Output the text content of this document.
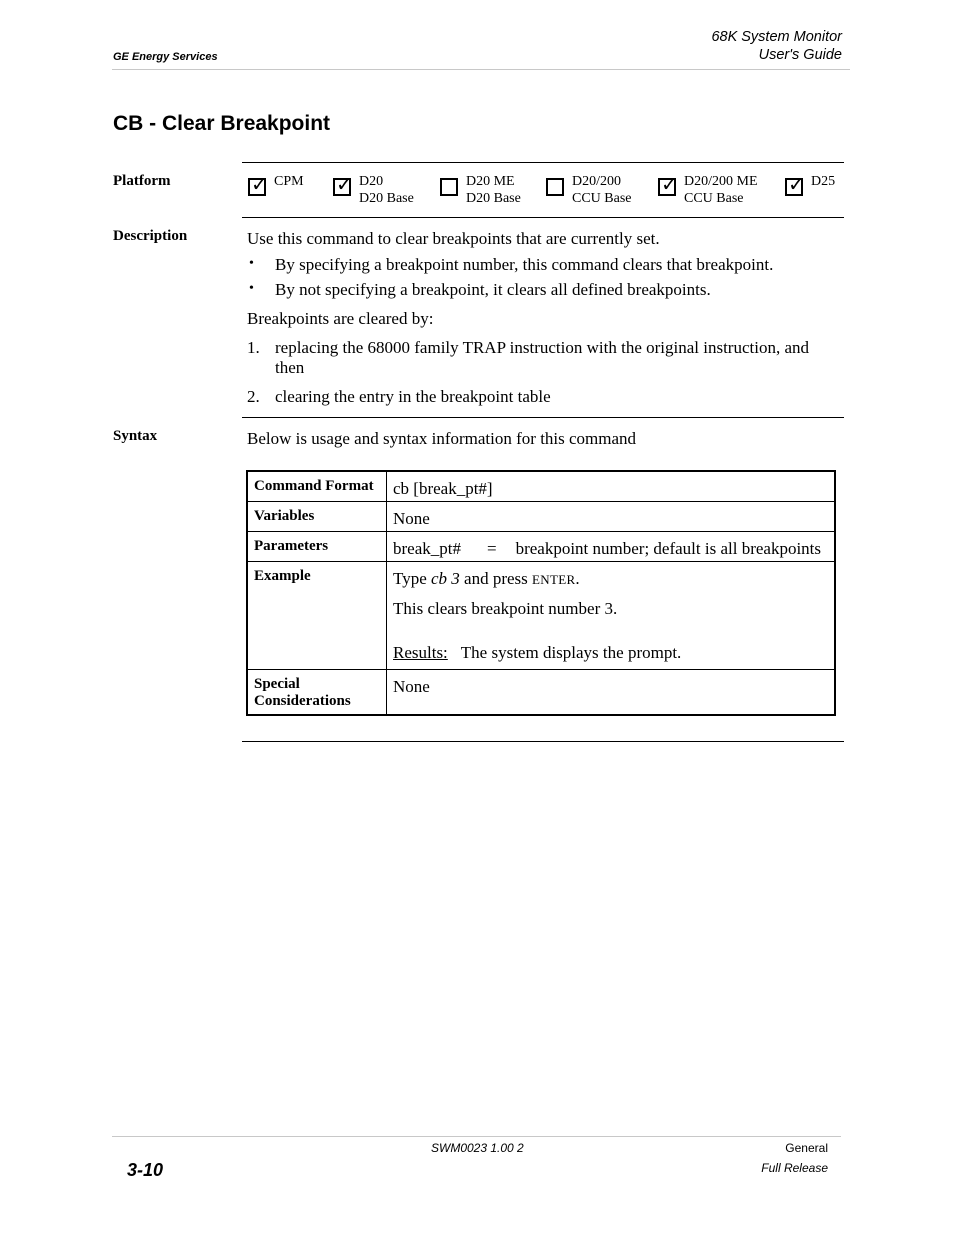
GE Energy Services
68K System Monitor
User's Guide
CB - Clear Breakpoint
Platform	✓ CPM ✓ D20
D20 Base
D20 ME
D20 Base
D20/200
CCU Base
✓ D20/200 ME
CCU Base
✓ D25
Description	Use this command to clear breakpoints that are currently set.
• By specifying a breakpoint number, this command clears that breakpoint.
• By not specifying a breakpoint, it clears all defined breakpoints.
Breakpoints are cleared by:
1. replacing the 68000 family TRAP instruction with the original instruction, and
then
2. clearing the entry in the breakpoint table
Syntax	Below is usage and syntax information for this command
Command Format	cb [break_pt#]
Variables	None
Parameters	break_pt# = breakpoint number; default is all breakpoints
Example	Type cb 3 and press ENTER.
This clears breakpoint number 3.
Results: The system displays the prompt.

Special
Considerations	None
SWM0023 1.00 2	General
3-10	Full Release
